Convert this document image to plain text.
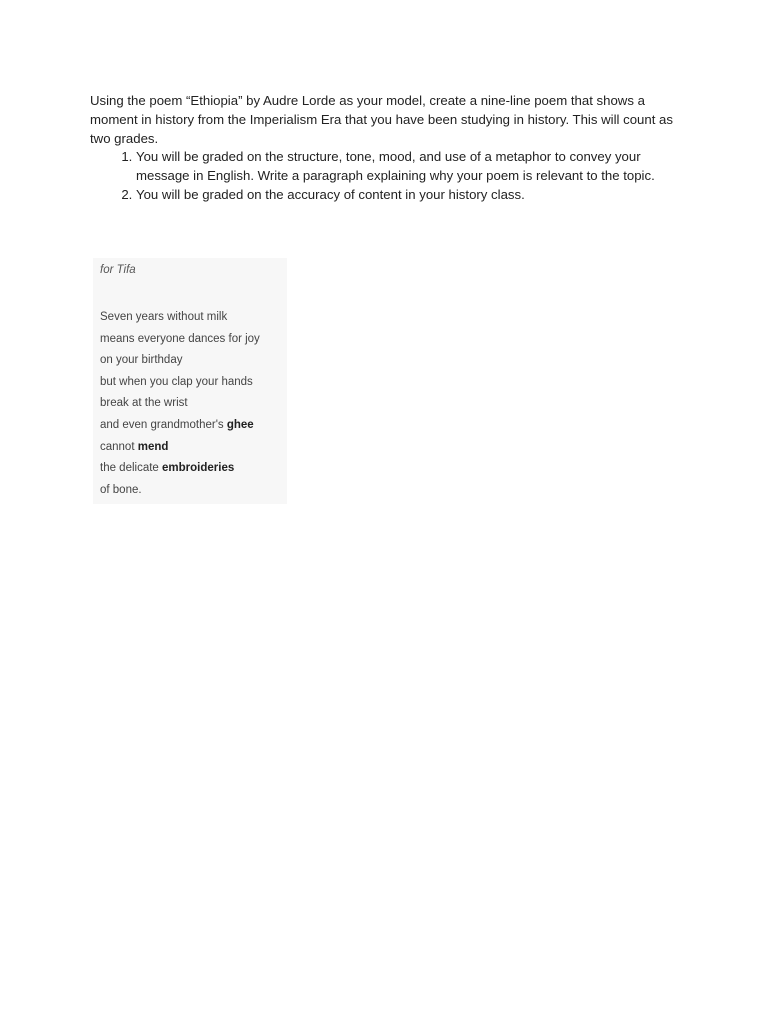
Using the poem “Ethiopia” by Audre Lorde as your model, create a nine-line poem that shows a moment in history from the Imperialism Era that you have been studying in history. This will count as two grades.

1. You will be graded on the structure, tone, mood, and use of a metaphor to convey your message in English. Write a paragraph explaining why your poem is relevant to the topic.
2. You will be graded on the accuracy of content in your history class.
for Tifa
Seven years without milk
means everyone dances for joy
on your birthday
but when you clap your hands
break at the wrist
and even grandmother's ghee
cannot mend
the delicate embroideries
of bone.
